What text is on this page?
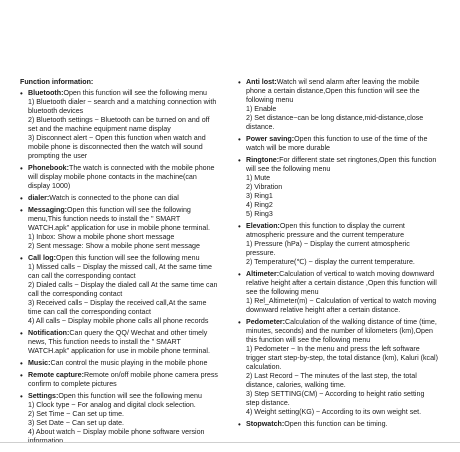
Function information:
• Bluetooth:Open this function will see the following menu
1) Bluetooth dialer ~ search and a matching connection with bluetooth devices
2) Bluetooth settings ~ Bluetooth can be turned on and off set and the machine equipment name display
3) Disconnect alert ~ Open this function when watch and mobile phone is disconnected then the watch will sound prompting the user
• Phonebook:The watch is connected with the mobile phone will display mobile phone contacts in the machine(can display 1000)
• dialer:Watch is connected to the phone can dial
• Messaging:Open this function will see the following menu,This function needs to install the " SMART WATCH.apk" application for use in mobile phone terminal.
1) Inbox: Show a mobile phone short message
2) Sent message: Show a mobile phone sent message
• Call log:Open this function will see the following menu
1) Missed calls ~ Display the missed call, At the same time can call the corresponding contact
2) Dialed calls ~ Display the dialed call At the same time can call the corresponding contact
3) Received calls ~ Display the received call,At the same time can call the corresponding contact
4) All calls ~ Display mobile phone calls all phone records
• Notification:Can query the QQ/ Wechat and other timely news, This function needs to install the " SMART WATCH.apk" application for use in mobile phone terminal.
• Music:Can control the music playing in the mobile phone
• Remote capture:Remote on/off mobile phone camera press confirm to complete pictures
• Settings:Open this function will see the following menu
1) Clock type ~ For analog and digital clock selection.
2) Set Time ~ Can set up time.
3) Set Date ~ Can set up date.
4) About watch ~ Display mobile phone software version information.
• Anti lost:Watch wil send alarm after leaving the mobile phone a certain distance,Open this function will see the following menu
1) Enable
2) Set distance~can be long distance,mid-distance,close distance.
• Power saving:Open this function to use of the time of the watch will be more durable
• Ringtone:For different state set ringtones,Open this function will see the following menu
1) Mute
2) Vibration
3) Ring1
4) Ring2
5) Ring3
• Elevation:Open this function to display the current atmospheric pressure and the current temperature
1) Pressure (hPa) ~ Display the current atmospheric pressure.
2) Temperature(℃) ~ display the current temperature.
• Altimeter:Calculation of vertical to watch moving downward relative height after a certain distance ,Open this function will see the following menu
1) Rel_Altimeter(m) ~ Calculation of vertical to watch moving downward relative height after a certain distance.
• Pedometer:Calculation of the walking distance of time (time, minutes, seconds) and the number of kilometers (km),Open this function will see the following menu
1) Pedometer ~ In the menu and press the left software trigger start step-by-step, the total distance (km), Kaluri (kcal) calculation.
2) Last Record ~ The minutes of the last step, the total distance, calories, walking time.
3) Step SETTING(CM) ~ According to height ratio setting step distance.
4) Weight setting(KG) ~ According to its own weight set.
• Stopwatch:Open this function can be timing.
